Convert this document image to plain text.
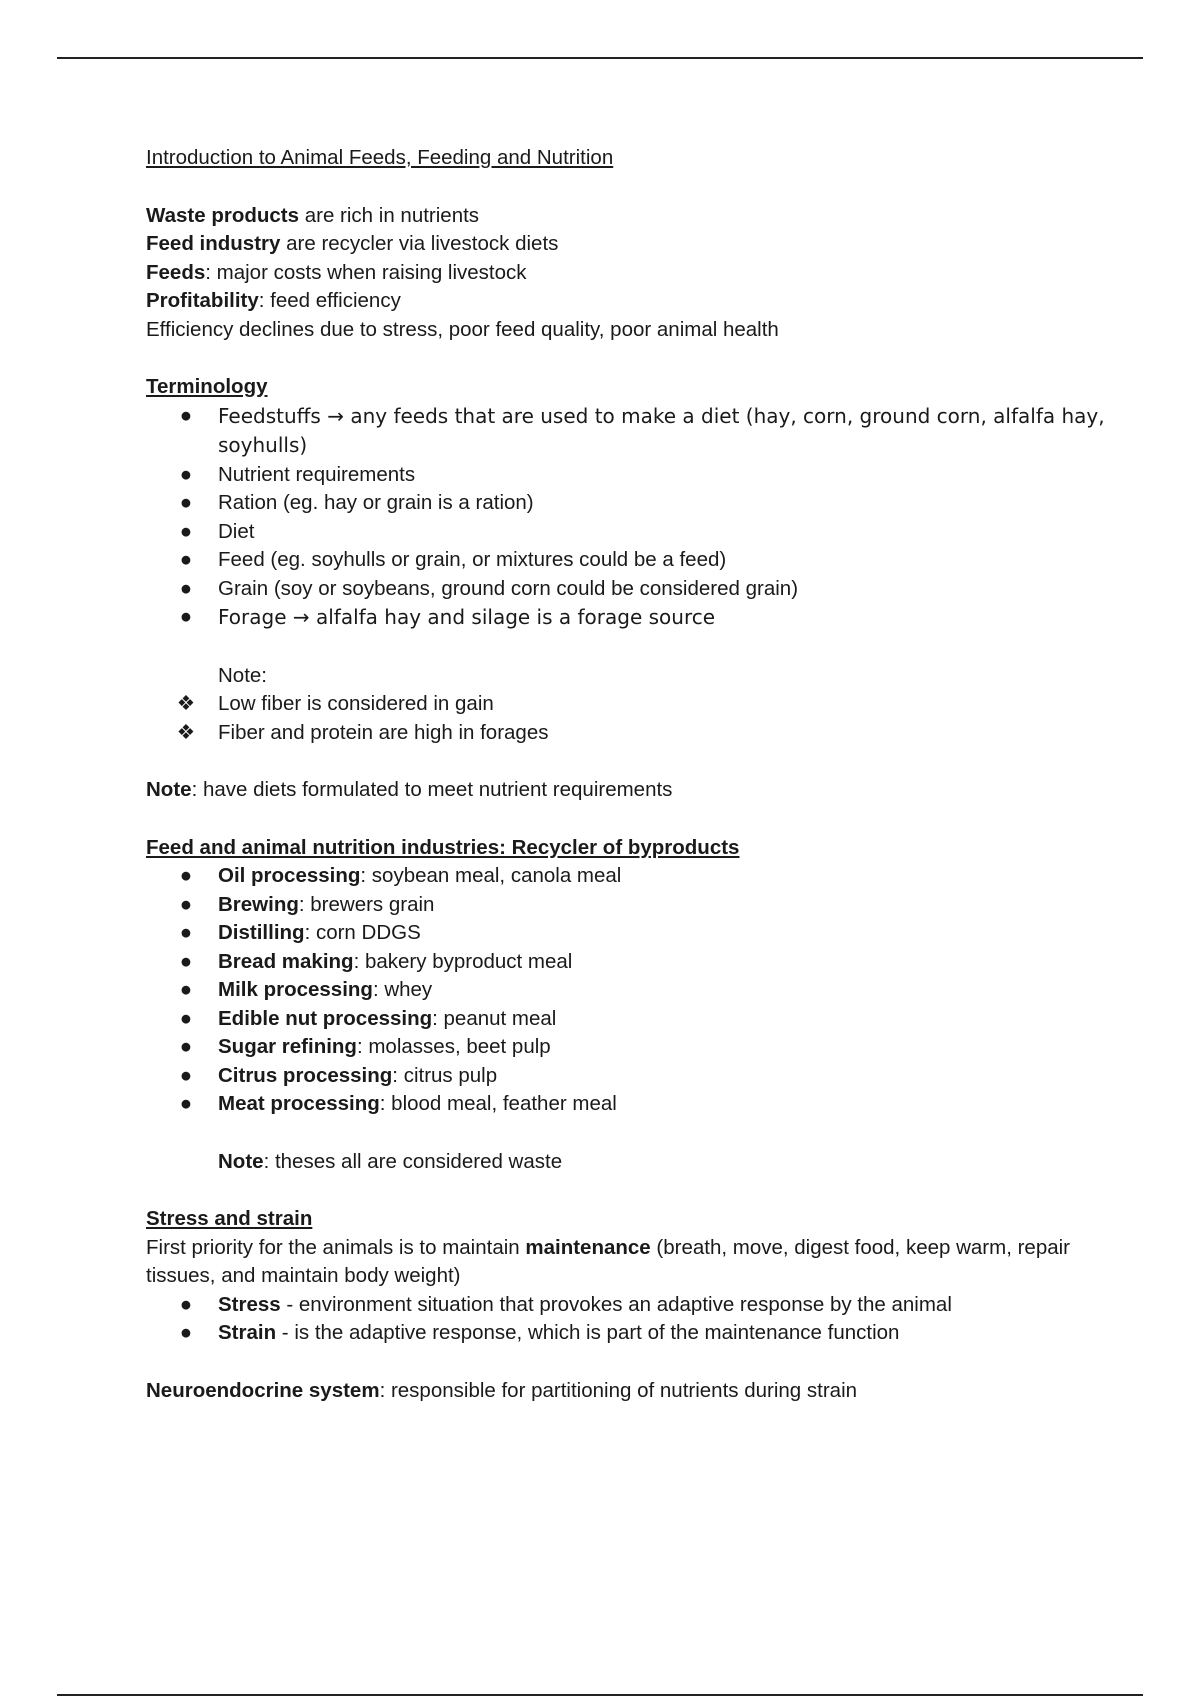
Introduction to Animal Feeds, Feeding and Nutrition

Waste products are rich in nutrients

Feed industry are recycler via livestock diets

Feeds: major costs when raising livestock

Profitability: feed efficiency

Efficiency declines due to stress, poor feed quality, poor animal health

Terminology

● Feedstuffs → any feeds that are used to make a diet (hay, corn, ground corn, alfalfa hay, soyhulls)
● Nutrient requirements
● Ration (eg. hay or grain is a ration)
● Diet
● Feed (eg. soyhulls or grain, or mixtures could be a feed)
● Grain (soy or soybeans, ground corn could be considered grain)
● Forage → alfalfa hay and silage is a forage source

Note:

❖ Low fiber is considered in gain
❖ Fiber and protein are high in forages

Note: have diets formulated to meet nutrient requirements

Feed and animal nutrition industries: Recycler of byproducts

● Oil processing: soybean meal, canola meal
● Brewing: brewers grain
● Distilling: corn DDGS
● Bread making: bakery byproduct meal
● Milk processing: whey
● Edible nut processing: peanut meal
● Sugar refining: molasses, beet pulp
● Citrus processing: citrus pulp
● Meat processing: blood meal, feather meal

Note: theses all are considered waste

Stress and strain

First priority for the animals is to maintain maintenance (breath, move, digest food, keep warm, repair tissues, and maintain body weight)

● Stress - environment situation that provokes an adaptive response by the animal
● Strain - is the adaptive response, which is part of the maintenance function

Neuroendocrine system: responsible for partitioning of nutrients during strain
